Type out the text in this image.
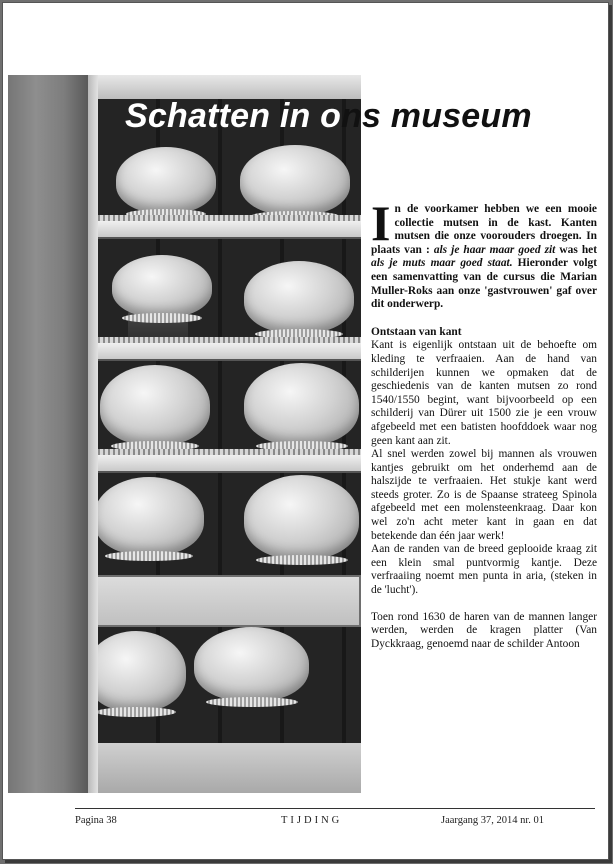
Schatten in ons museum

In de voorkamer hebben we een mooie collectie mutsen in de kast. Kanten mutsen die onze voorouders droegen. In plaats van : als je haar maar goed zit was het als je muts maar goed staat. Hieronder volgt een samenvatting van de cursus die Marian Muller-Roks aan onze 'gastvrouwen' gaf over dit onderwerp.

Ontstaan van kant

Kant is eigenlijk ontstaan uit de behoefte om kleding te verfraaien. Aan de hand van schilderijen kunnen we opmaken dat de geschiedenis van de kanten mutsen zo rond 1540/1550 begint, want bijvoorbeeld op een schilderij van Dürer uit 1500 zie je een vrouw afgebeeld met een batisten hoofddoek waar nog geen kant aan zit.

Al snel werden zowel bij mannen als vrouwen kantjes gebruikt om het onderhemd aan de halszijde te verfraaien. Het stukje kant werd steeds groter. Zo is de Spaanse strateeg Spinola afgebeeld met een molensteenkraag. Daar kon wel zo'n acht meter kant in gaan en dat betekende dan één jaar werk!

Aan de randen van de breed geplooide kraag zit een klein smal puntvormig kantje. Deze verfraaiing noemt men punta in aria, (steken in de 'lucht').

Toen rond 1630 de haren van de mannen langer werden, werden de kragen platter (Van Dyckkraag, genoemd naar de schilder Antoon

Pagina 38	TIJDING	Jaargang 37, 2014 nr. 01
